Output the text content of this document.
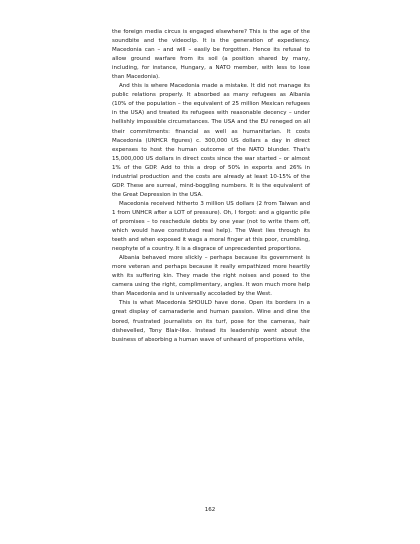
the foreign media circus is engaged elsewhere? This is the age of the soundbite and the videoclip. It is the generation of expediency. Macedonia can – and will – easily be forgotten. Hence its refusal to allow ground warfare from its soil (a position shared by many, including, for instance, Hungary, a NATO member, with less to lose than Macedonia).

And this is where Macedonia made a mistake. It did not manage its public relations properly. It absorbed as many refugees as Albania (10% of the population – the equivalent of 25 million Mexican refugees in the USA) and treated its refugees with reasonable decency – under hellishly impossible circumstances. The USA and the EU reneged on all their commitments: financial as well as humanitarian. It costs Macedonia (UNHCR figures) c. 300,000 US dollars a day in direct expenses to host the human outcome of the NATO blunder. That's 15,000,000 US dollars in direct costs since the war started – or almost 1% of the GDP. Add to this a drop of 50% in exports and 26% in industrial production and the costs are already at least 10-15% of the GDP. These are surreal, mind-boggling numbers. It is the equivalent of the Great Depression in the USA.

Macedonia received hitherto 3 million US dollars (2 from Taiwan and 1 from UNHCR after a LOT of pressure). Oh, I forgot: and a gigantic pile of promises – to reschedule debts by one year (not to write them off, which would have constituted real help). The West lies through its teeth and when exposed it wags a moral finger at this poor, crumbling, neophyte of a country. It is a disgrace of unprecedented proportions.

Albania behaved more slickly – perhaps because its government is more veteran and perhaps because it really empathized more heartily with its suffering kin. They made the right noises and posed to the camera using the right, complimentary, angles. It won much more help than Macedonia and is universally accoladed by the West.

This is what Macedonia SHOULD have done. Open its borders in a great display of camaraderie and human passion. Wine and dine the bored, frustrated journalists on its turf, pose for the cameras, hair dishevelled, Tony Blair-like. Instead its leadership went about the business of absorbing a human wave of unheard of proportions while,

162
